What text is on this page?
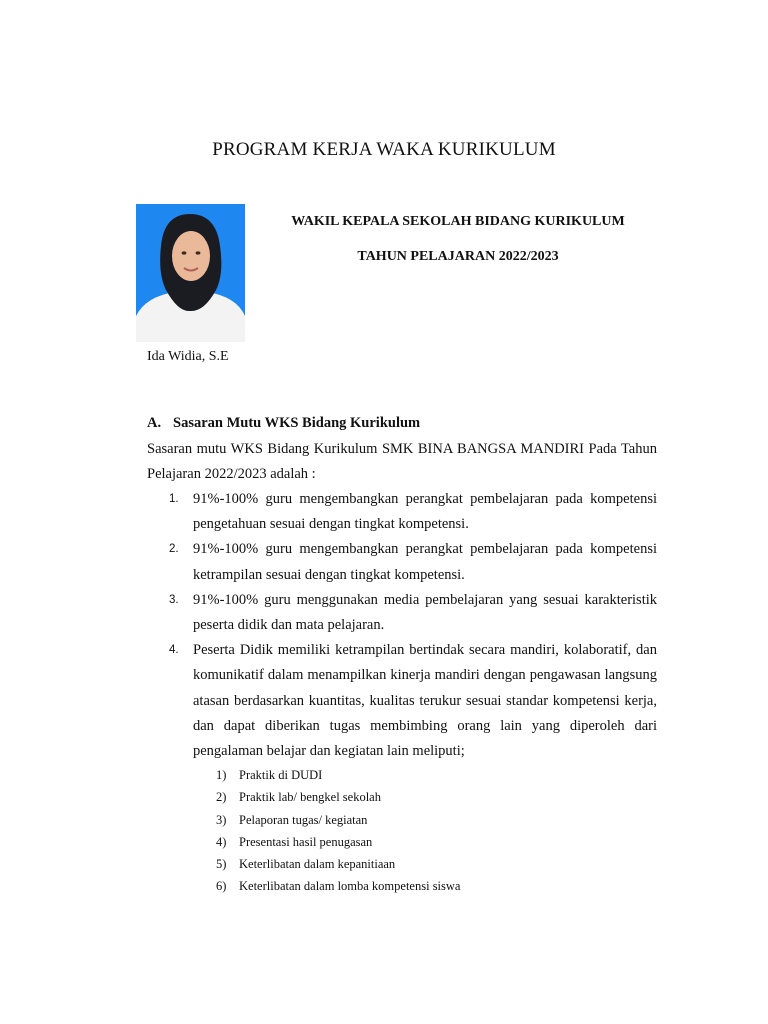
PROGRAM KERJA WAKA KURIKULUM
WAKIL KEPALA SEKOLAH BIDANG KURIKULUM
TAHUN PELAJARAN 2022/2023
Ida Widia, S.E
A. Sasaran Mutu WKS Bidang Kurikulum
Sasaran mutu WKS Bidang Kurikulum SMK BINA BANGSA MANDIRI Pada Tahun Pelajaran 2022/2023 adalah :
1. 91%-100% guru mengembangkan perangkat pembelajaran pada kompetensi pengetahuan sesuai dengan tingkat kompetensi.
2. 91%-100% guru mengembangkan perangkat pembelajaran pada kompetensi ketrampilan sesuai dengan tingkat kompetensi.
3. 91%-100% guru menggunakan media pembelajaran yang sesuai karakteristik peserta didik dan mata pelajaran.
4. Peserta Didik memiliki ketrampilan bertindak secara mandiri, kolaboratif, dan komunikatif dalam menampilkan kinerja mandiri dengan pengawasan langsung atasan berdasarkan kuantitas, kualitas terukur sesuai standar kompetensi kerja, dan dapat diberikan tugas membimbing orang lain yang diperoleh dari pengalaman belajar dan kegiatan lain meliputi;
1) Praktik di DUDI
2) Praktik lab/ bengkel sekolah
3) Pelaporan tugas/ kegiatan
4) Presentasi hasil penugasan
5) Keterlibatan dalam kepanitiaan
6) Keterlibatan dalam lomba kompetensi siswa
